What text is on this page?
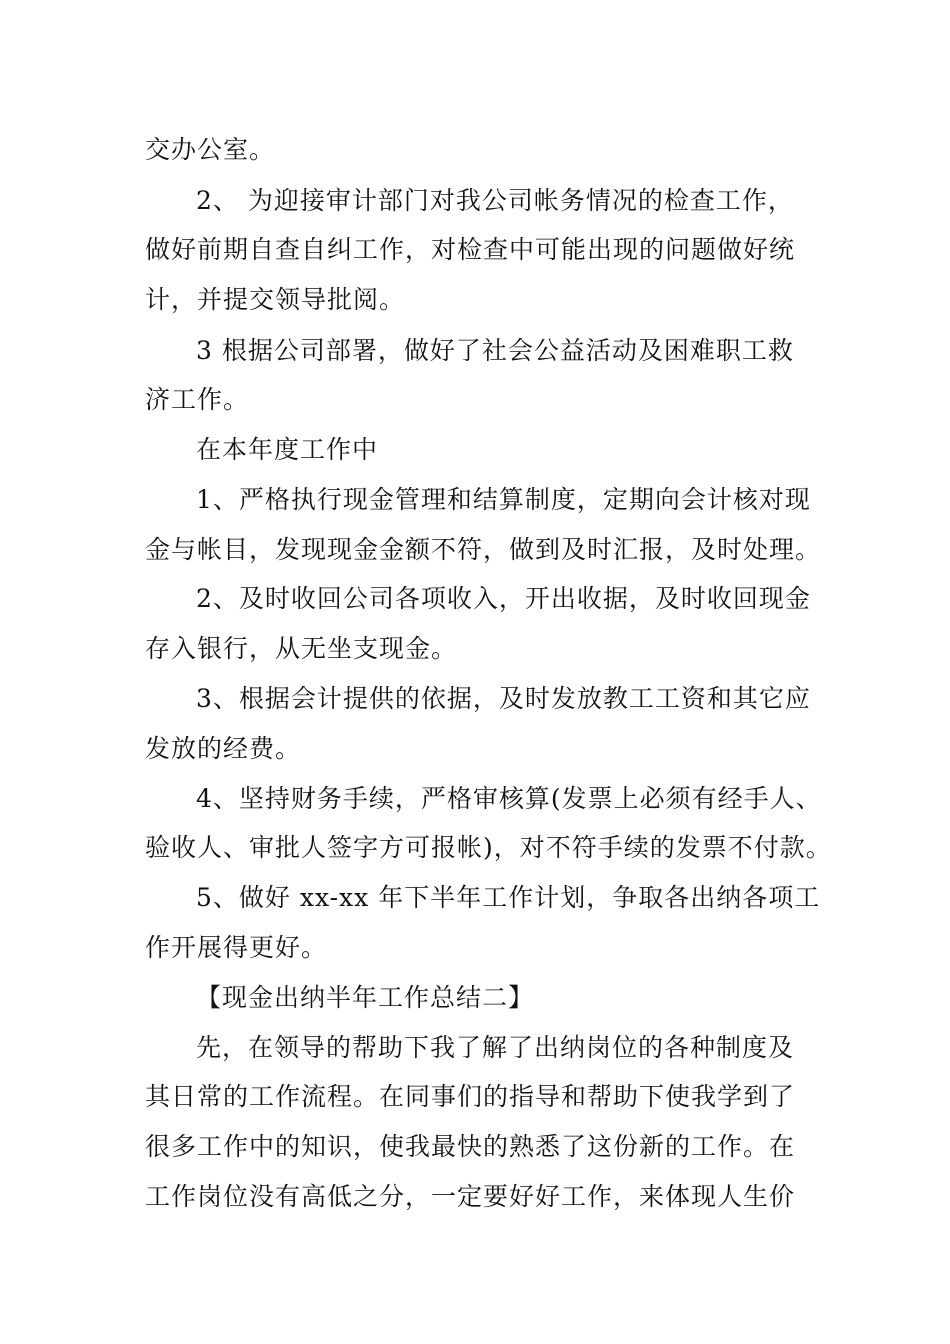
交办公室。
2、 为迎接审计部门对我公司帐务情况的检查工作，
做好前期自查自纠工作，对检查中可能出现的问题做好统
计，并提交领导批阅。
3 根据公司部署，做好了社会公益活动及困难职工救
济工作。
在本年度工作中
1、严格执行现金管理和结算制度，定期向会计核对现
金与帐目，发现现金金额不符，做到及时汇报，及时处理。
2、及时收回公司各项收入，开出收据，及时收回现金
存入银行，从无坐支现金。
3、根据会计提供的依据，及时发放教工工资和其它应
发放的经费。
4、坚持财务手续，严格审核算(发票上必须有经手人、
验收人、审批人签字方可报帐)，对不符手续的发票不付款。
5、做好 xx-xx 年下半年工作计划，争取各出纳各项工
作开展得更好。
【现金出纳半年工作总结二】
先，在领导的帮助下我了解了出纳岗位的各种制度及
其日常的工作流程。在同事们的指导和帮助下使我学到了
很多工作中的知识，使我最快的熟悉了这份新的工作。在
工作岗位没有高低之分，一定要好好工作，来体现人生价
